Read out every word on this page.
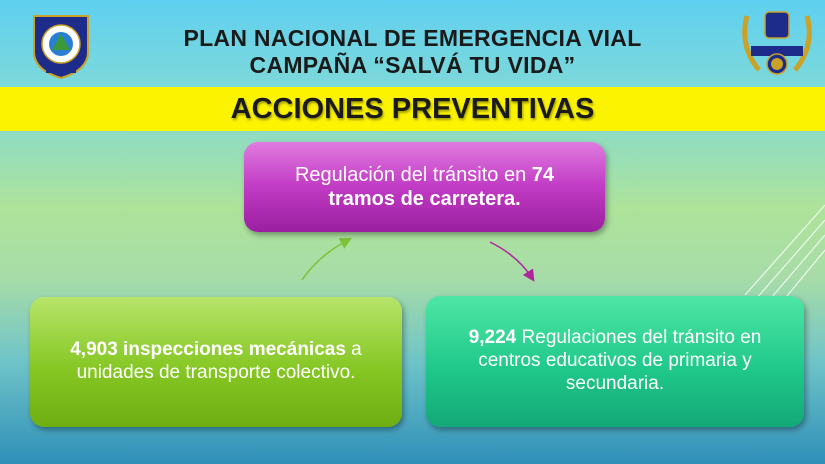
PLAN NACIONAL DE EMERGENCIA VIAL
CAMPAÑA “SALVÁ TU VIDA”
ACCIONES PREVENTIVAS
Regulación del tránsito en 74
tramos de carretera.
4,903 inspecciones mecánicas a unidades de transporte colectivo.
9,224 Regulaciones del tránsito en centros educativos de primaria y secundaria.
